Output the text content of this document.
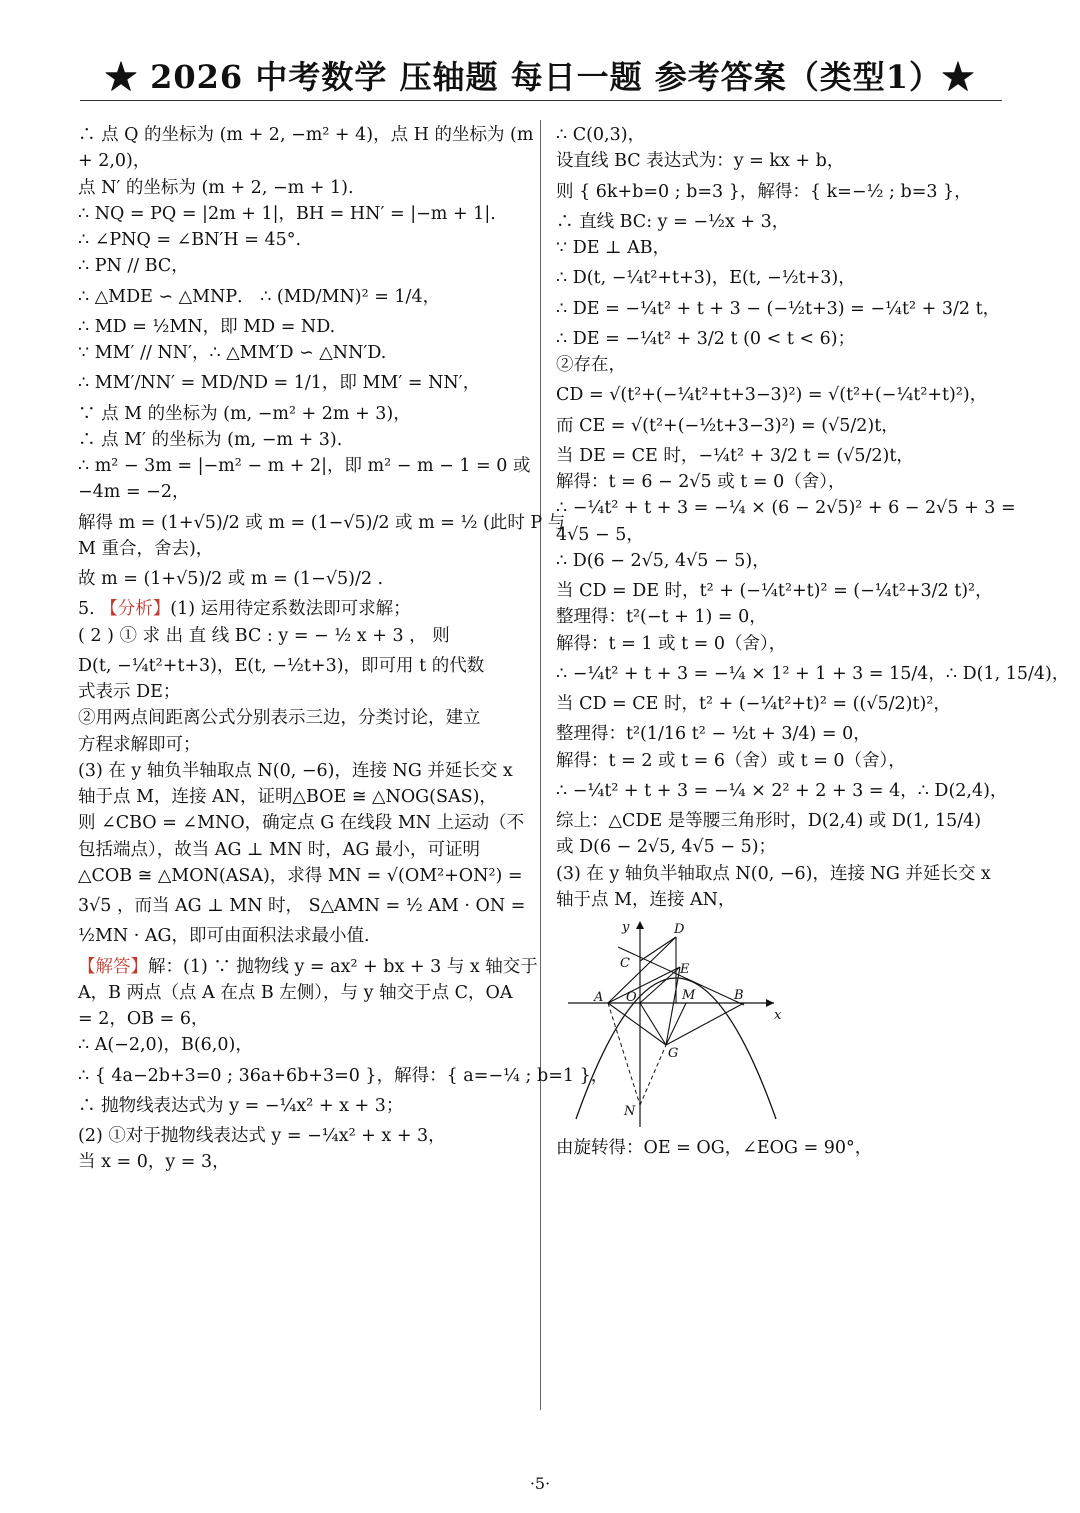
★ 2026 中考数学 压轴题 每日一题 参考答案（类型1）★
∴ 点 Q 的坐标为 (m + 2, −m² + 4)，点 H 的坐标为 (m
+ 2,0)，
点 N′ 的坐标为 (m + 2, −m + 1).
∴ NQ = PQ = |2m + 1|，BH = HN′ = |−m + 1|.
∴ ∠PNQ = ∠BN′H = 45°.
∴ PN // BC，
∴ △MDE ∽ △MNP． ∴ (MD/MN)² = 1/4，
∴ MD = ½MN，即 MD = ND.
∵ MM′ // NN′，∴ △MM′D ∽ △NN′D.
∴ MM′/NN′ = MD/ND = 1/1，即 MM′ = NN′，
∵ 点 M 的坐标为 (m, −m² + 2m + 3)，
∴ 点 M′ 的坐标为 (m, −m + 3).
∴ m² − 3m = |−m² − m + 2|，即 m² − m − 1 = 0 或
−4m = −2，
解得 m = (1+√5)/2 或 m = (1−√5)/2 或 m = ½ (此时 P 与
M 重合，舍去)，
故 m = (1+√5)/2 或 m = (1−√5)/2 .
5. 【分析】(1) 运用待定系数法即可求解；
( 2 ) ① 求 出 直 线 BC : y = − ½ x + 3 ， 则
D(t, −¼t²+t+3)，E(t, −½t+3)，即可用 t 的代数
式表示 DE；
②用两点间距离公式分别表示三边，分类讨论，建立
方程求解即可；
(3) 在 y 轴负半轴取点 N(0, −6)，连接 NG 并延长交 x
轴于点 M，连接 AN，证明△BOE ≅ △NOG(SAS)，
则 ∠CBO = ∠MNO，确定点 G 在线段 MN 上运动（不
包括端点），故当 AG ⊥ MN 时，AG 最小，可证明
△COB ≅ △MON(ASA)，求得 MN = √(OM²+ON²) =
3√5 ，而当 AG ⊥ MN 时， S△AMN = ½ AM · ON =
½MN · AG，即可由面积法求最小值.
【解答】解：(1) ∵ 抛物线 y = ax² + bx + 3 与 x 轴交于
A，B 两点（点 A 在点 B 左侧），与 y 轴交于点 C，OA
= 2，OB = 6，
∴ A(−2,0)，B(6,0)，
∴ { 4a−2b+3=0 ; 36a+6b+3=0 }，解得：{ a=−¼ ; b=1 }，
∴ 抛物线表达式为 y = −¼x² + x + 3；
(2) ①对于抛物线表达式 y = −¼x² + x + 3，
当 x = 0，y = 3，
∴ C(0,3)，
设直线 BC 表达式为：y = kx + b，
则 { 6k+b=0 ; b=3 }，解得：{ k=−½ ; b=3 }，
∴ 直线 BC: y = −½x + 3，
∵ DE ⊥ AB，
∴ D(t, −¼t²+t+3)，E(t, −½t+3)，
∴ DE = −¼t² + t + 3 − (−½t+3) = −¼t² + 3/2 t，
∴ DE = −¼t² + 3/2 t (0 < t < 6)；
②存在，
CD = √(t²+(−¼t²+t+3−3)²) = √(t²+(−¼t²+t)²)，
而 CE = √(t²+(−½t+3−3)²) = (√5/2)t，
当 DE = CE 时，−¼t² + 3/2 t = (√5/2)t，
解得：t = 6 − 2√5 或 t = 0（舍），
∴ −¼t² + t + 3 = −¼ × (6 − 2√5)² + 6 − 2√5 + 3 =
4√5 − 5，
∴ D(6 − 2√5, 4√5 − 5)，
当 CD = DE 时，t² + (−¼t²+t)² = (−¼t²+3/2 t)²，
整理得：t²(−t + 1) = 0，
解得：t = 1 或 t = 0（舍），
∴ −¼t² + t + 3 = −¼ × 1² + 1 + 3 = 15/4，∴ D(1, 15/4)，
当 CD = CE 时，t² + (−¼t²+t)² = ((√5/2)t)²，
整理得：t²(1/16 t² − ½t + 3/4) = 0，
解得：t = 2 或 t = 6（舍）或 t = 0（舍），
∴ −¼t² + t + 3 = −¼ × 2² + 2 + 3 = 4，∴ D(2,4)，
综上：△CDE 是等腰三角形时，D(2,4) 或 D(1, 15/4)
或 D(6 − 2√5, 4√5 − 5)；
(3) 在 y 轴负半轴取点 N(0, −6)，连接 NG 并延长交 x
轴于点 M，连接 AN，
y
x
D
C	E
A O	M	B
G
N
由旋转得：OE = OG，∠EOG = 90°，
·5·
